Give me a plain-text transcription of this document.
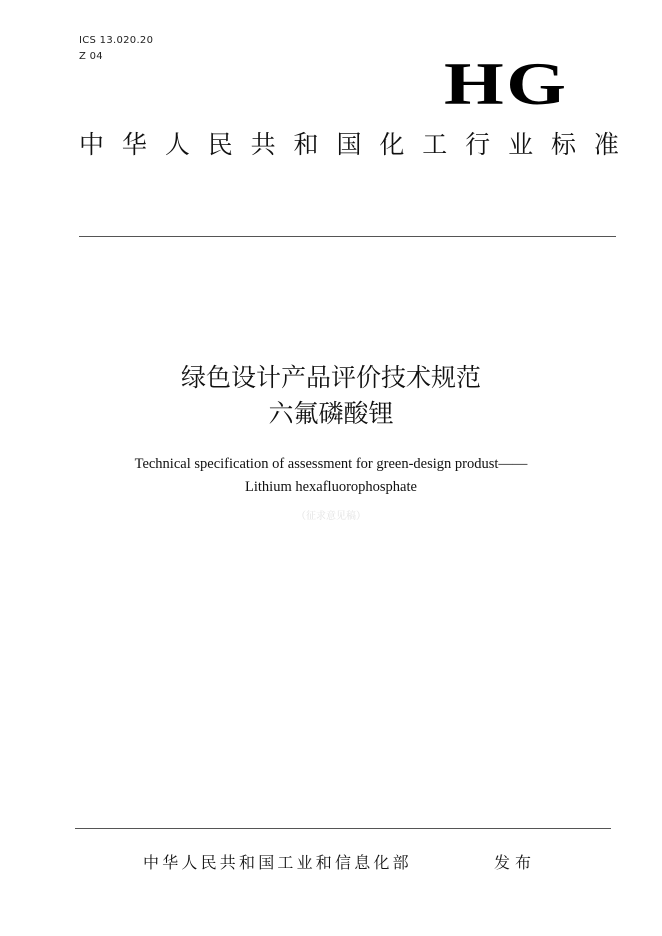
ICS 13.020.20
Z 04	HG
中 华 人 民 共 和 国 化 工 行 业 标 准
绿色设计产品评价技术规范
六氟磷酸锂
Technical specification of assessment for green-design produst——
Lithium hexafluorophosphate
（征求意见稿）
中华人民共和国工业和信息化部	发布
